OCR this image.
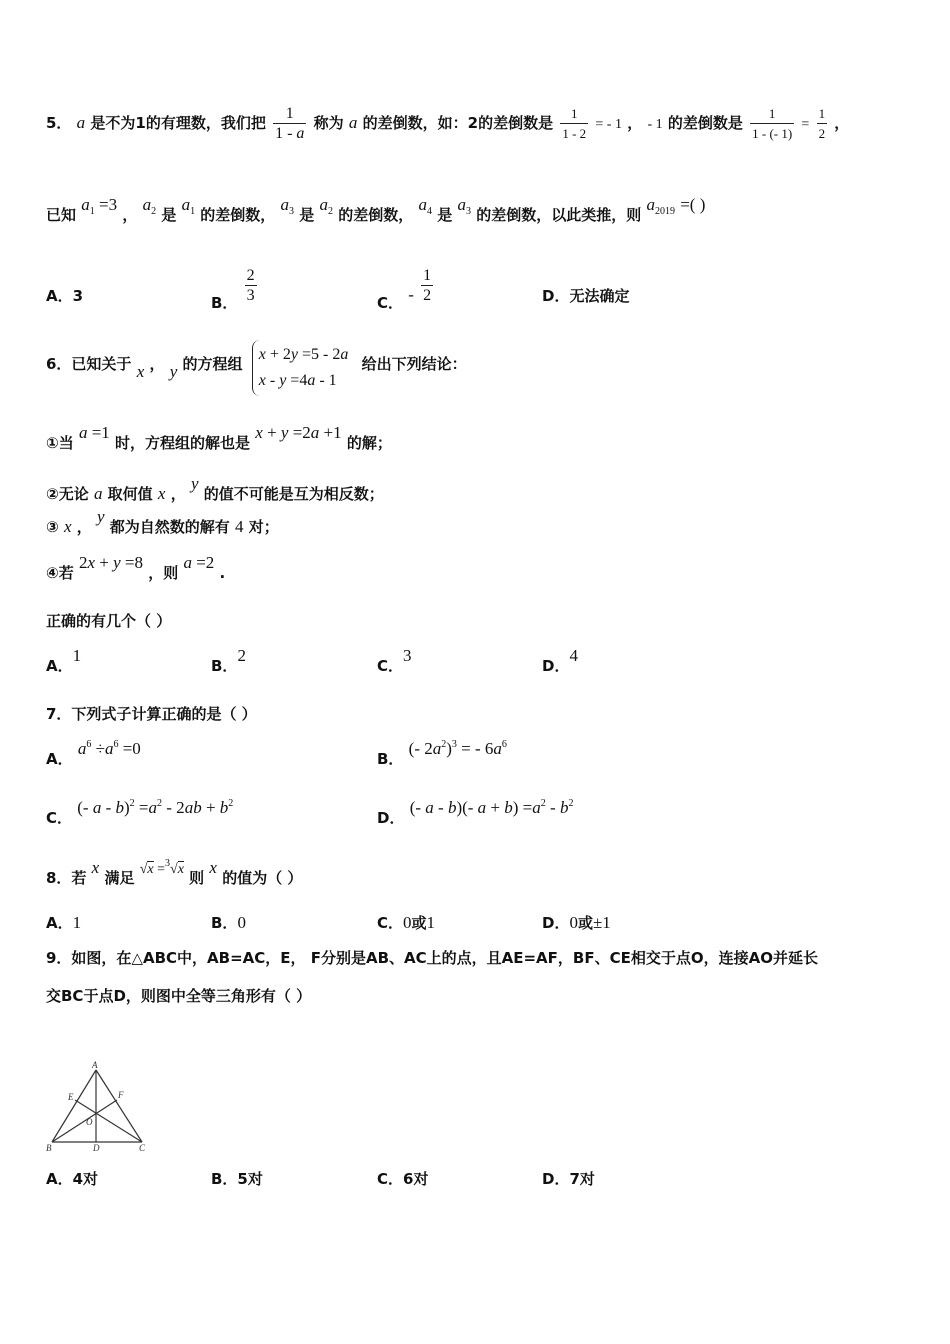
5． a 是不为1的有理数，我们把 $\frac{1}{1 - a}$ 称为 a 的差倒数，如：2的差倒数是 $\frac{1}{1 - 2}$ = - 1 ， - 1 的差倒数是 $\frac{1}{1 - (- 1)} = \frac{1}{2}$ ，
已知 $a_1 =3$ ， $a_2$ 是 $a_1$ 的差倒数， $a_3$ 是 $a_2$ 的差倒数， $a_4$ 是 $a_3$ 的差倒数，以此类推，则 $a_{2019}$ =( )
A．3	B． $\frac{2}{3}$	C． - $\frac{1}{2}$	D．无法确定
6．已知关于 x ， y 的方程组 x + 2y =5 - 2a
x - y =4a - 1
给出下列结论：
①当 a =1 时，方程组的解也是 x + y =2a +1 的解；
②无论 a 取何值 x ， y 的值不可能是互为相反数；
③ x ， y 都为自然数的解有 4 对；
④若 2x + y =8 ，则 a =2 .
正确的有几个（ ）
A．1
B．2
C．3
D．4
7．下列式子计算正确的是（ ）
A． $a^6 \div a^6 =0$
B． (- $2a^2)^3$ = - $6a^6$
C． (- $a - b)^2 =a^2 - 2ab + b^2$
D． (- a - b)(- $a + b) =a^2 - b^2$
8．若 x 满足 √x =$^3$√x 则 x 的值为（ ）
A．1	B．0	C．0或1	D．0或±1
9．如图，在△ABC中，AB=AC，E， F分别是AB、AC上的点，且AE=AF，BF、CE相交于点O，连接AO并延长
交BC于点D，则图中全等三角形有（ ）
A
B	C
D
E	F
O
A．4对	B．5对	C．6对	D．7对
